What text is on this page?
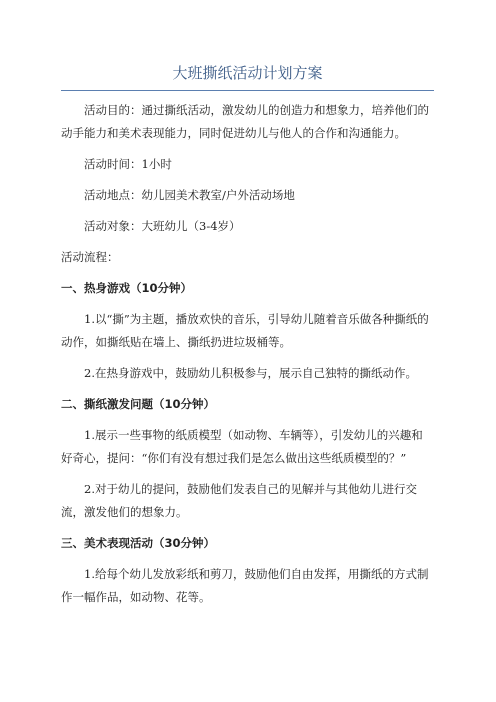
大班撕纸活动计划方案

活动目的：通过撕纸活动，激发幼儿的创造力和想象力，培养他们的动手能力和美术表现能力，同时促进幼儿与他人的合作和沟通能力。

活动时间：1小时

活动地点：幼儿园美术教室/户外活动场地

活动对象：大班幼儿（3-4岁）

活动流程：

一、热身游戏（10分钟）

1.以“撕”为主题，播放欢快的音乐，引导幼儿随着音乐做各种撕纸的动作，如撕纸贴在墙上、撕纸扔进垃圾桶等。

2.在热身游戏中，鼓励幼儿积极参与，展示自己独特的撕纸动作。

二、撕纸激发问题（10分钟）

1.展示一些事物的纸质模型（如动物、车辆等），引发幼儿的兴趣和好奇心，提问：“你们有没有想过我们是怎么做出这些纸质模型的？”

2.对于幼儿的提问，鼓励他们发表自己的见解并与其他幼儿进行交流，激发他们的想象力。

三、美术表现活动（30分钟）

1.给每个幼儿发放彩纸和剪刀，鼓励他们自由发挥，用撕纸的方式制作一幅作品，如动物、花等。
